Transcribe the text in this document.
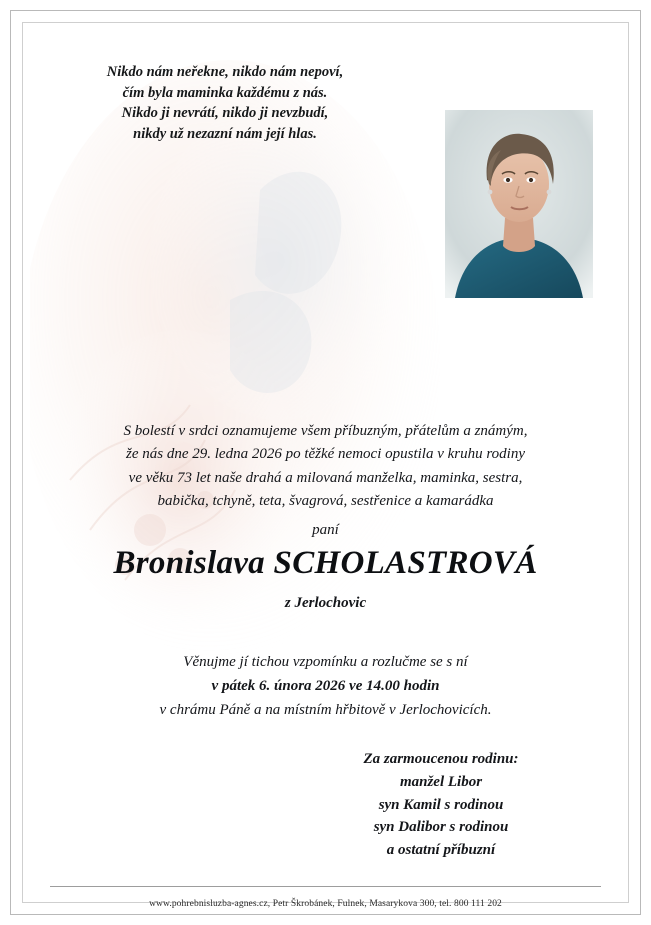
Nikdo nám neřekne, nikdo nám nepoví,
čím byla maminka každému z nás.
Nikdo ji nevrátí, nikdo ji nevzbudí,
nikdy už nezazní nám její hlas.
S bolestí v srdci oznamujeme všem příbuzným, přátelům a známým,
že nás dne 29. ledna 2026 po těžké nemoci opustila v kruhu rodiny
ve věku 73 let naše drahá a milovaná manželka, maminka, sestra,
babička, tchyně, teta, švagrová, sestřenice a kamarádka
paní
Bronislava SCHOLASTROVÁ
z Jerlochovic
Věnujme jí tichou vzpomínku a rozlučme se s ní
v pátek 6. února 2026 ve 14.00 hodin
v chrámu Páně a na místním hřbitově v Jerlochovicích.
Za zarmoucenou rodinu:
manžel Libor
syn Kamil s rodinou
syn Dalibor s rodinou
a ostatní příbuzní
www.pohrebnisluzba-agnes.cz, Petr Škrobánek, Fulnek, Masarykova 300, tel. 800 111 202
